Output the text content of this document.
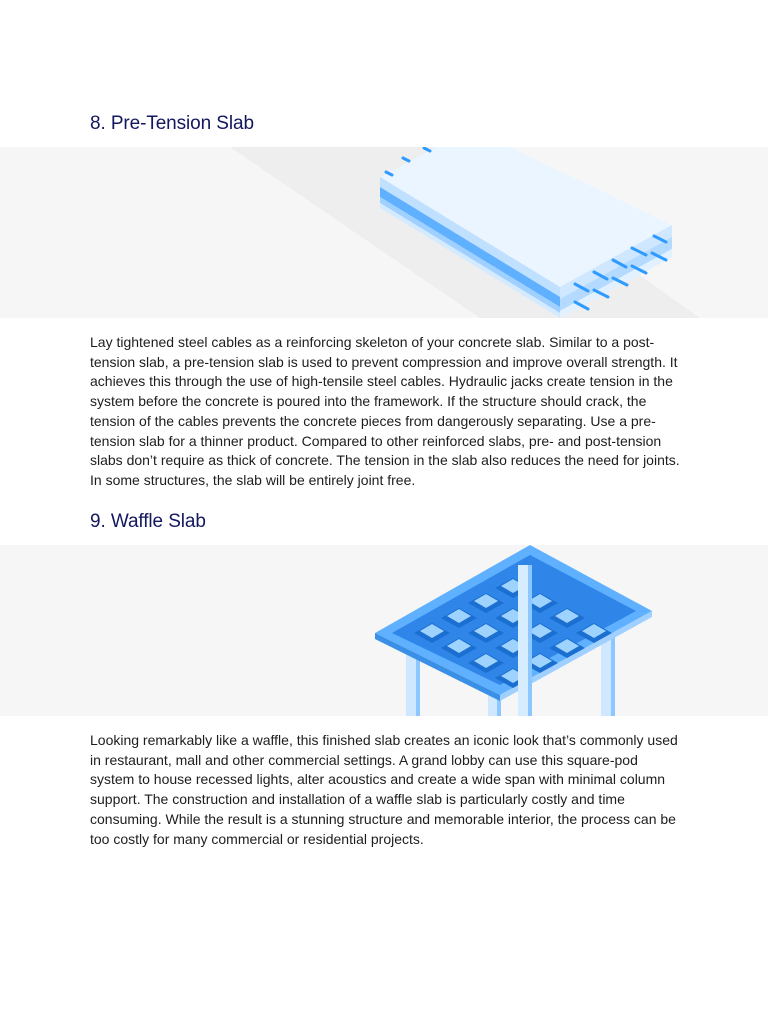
8. Pre-Tension Slab

Lay tightened steel cables as a reinforcing skeleton of your concrete slab. Similar to a post-tension slab, a pre-tension slab is used to prevent compression and improve overall strength. It achieves this through the use of high-tensile steel cables. Hydraulic jacks create tension in the system before the concrete is poured into the framework. If the structure should crack, the tension of the cables prevents the concrete pieces from dangerously separating. Use a pre-tension slab for a thinner product. Compared to other reinforced slabs, pre- and post-tension slabs don’t require as thick of concrete. The tension in the slab also reduces the need for joints. In some structures, the slab will be entirely joint free.

9. Waffle Slab

Looking remarkably like a waffle, this finished slab creates an iconic look that’s commonly used in restaurant, mall and other commercial settings. A grand lobby can use this square-pod system to house recessed lights, alter acoustics and create a wide span with minimal column support. The construction and installation of a waffle slab is particularly costly and time consuming. While the result is a stunning structure and memorable interior, the process can be too costly for many commercial or residential projects.
